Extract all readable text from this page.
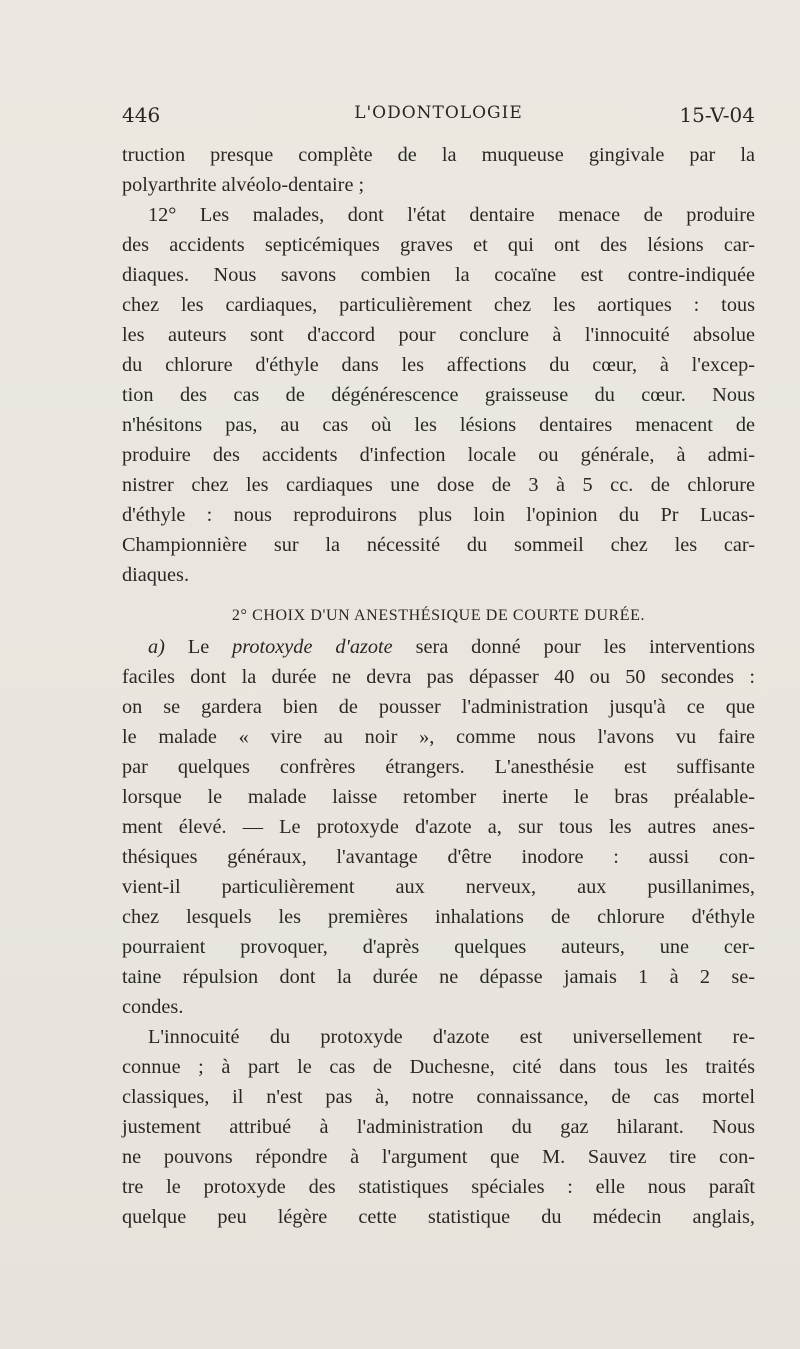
446	L'ODONTOLOGIE	15-V-04
truction presque complète de la muqueuse gingivale par la
polyarthrite alvéolo-dentaire ;
12° Les malades, dont l'état dentaire menace de produire
des accidents septicémiques graves et qui ont des lésions car-
diaques. Nous savons combien la cocaïne est contre-indiquée
chez les cardiaques, particulièrement chez les aortiques : tous
les auteurs sont d'accord pour conclure à l'innocuité absolue
du chlorure d'éthyle dans les affections du cœur, à l'excep-
tion des cas de dégénérescence graisseuse du cœur. Nous
n'hésitons pas, au cas où les lésions dentaires menacent de
produire des accidents d'infection locale ou générale, à admi-
nistrer chez les cardiaques une dose de 3 à 5 cc. de chlorure
d'éthyle : nous reproduirons plus loin l'opinion du Pr Lucas-
Championnière sur la nécessité du sommeil chez les car-
diaques.
2° CHOIX D'UN ANESTHÉSIQUE DE COURTE DURÉE.
a) Le protoxyde d'azote sera donné pour les interventions
faciles dont la durée ne devra pas dépasser 40 ou 50 secondes :
on se gardera bien de pousser l'administration jusqu'à ce que
le malade « vire au noir », comme nous l'avons vu faire
par quelques confrères étrangers. L'anesthésie est suffisante
lorsque le malade laisse retomber inerte le bras préalable-
ment élevé. — Le protoxyde d'azote a, sur tous les autres anes-
thésiques généraux, l'avantage d'être inodore : aussi con-
vient-il particulièrement aux nerveux, aux pusillanimes,
chez lesquels les premières inhalations de chlorure d'éthyle
pourraient provoquer, d'après quelques auteurs, une cer-
taine répulsion dont la durée ne dépasse jamais 1 à 2 se-
condes.
L'innocuité du protoxyde d'azote est universellement re-
connue ; à part le cas de Duchesne, cité dans tous les traités
classiques, il n'est pas à, notre connaissance, de cas mortel
justement attribué à l'administration du gaz hilarant. Nous
ne pouvons répondre à l'argument que M. Sauvez tire con-
tre le protoxyde des statistiques spéciales : elle nous paraît
quelque peu légère cette statistique du médecin anglais,
